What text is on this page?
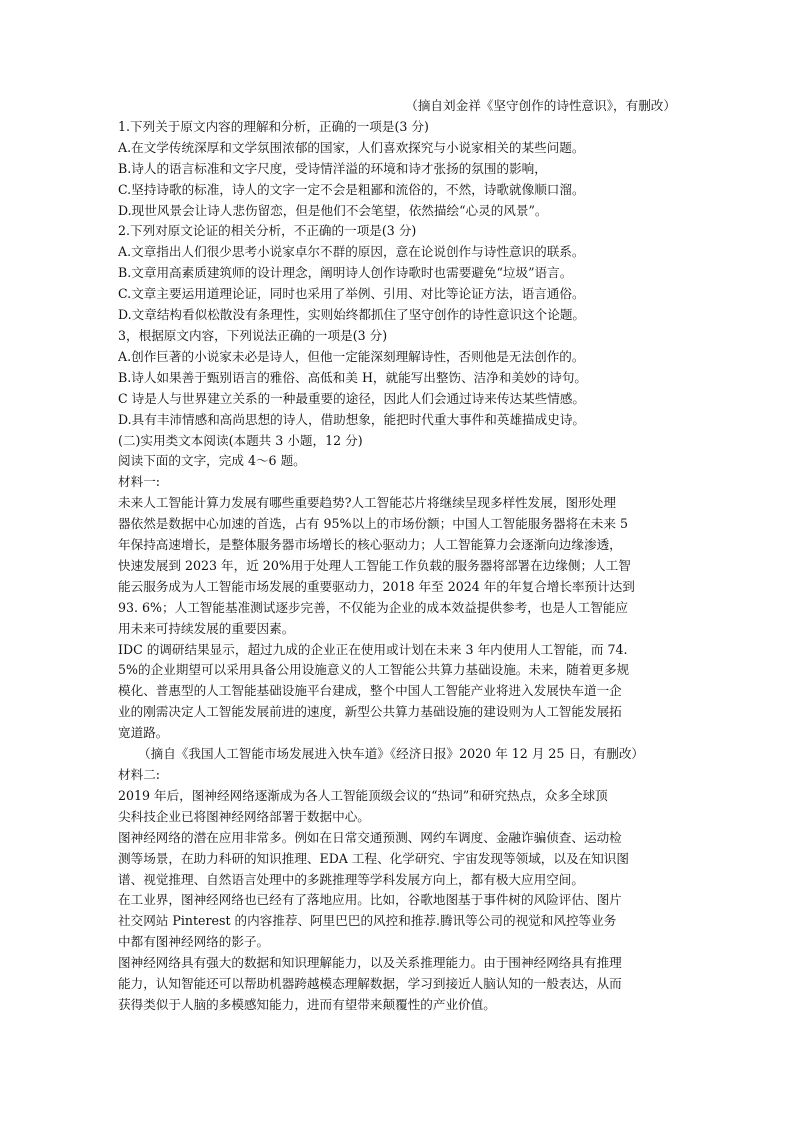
（摘自刘金祥《坚守创作的诗性意识》，有删改）
1.下列关于原文内容的理解和分析，正确的一项是(3 分)
A.在文学传统深厚和文学氛围浓郁的国家，人们喜欢探究与小说家相关的某些问题。
B.诗人的语言标准和文字尺度，受诗情洋溢的环境和诗才张扬的氛围的影响，
C.坚持诗歌的标准，诗人的文字一定不会是粗鄙和流俗的，不然，诗歌就像顺口溜。
D.现世风景会让诗人悲伤留恋，但是他们不会笔望，依然描绘“心灵的风景”。
2.下列对原文论证的相关分析，不正确的一项是(3 分)
A.文章指出人们很少思考小说家卓尔不群的原因，意在论说创作与诗性意识的联系。
B.文章用高素质建筑师的设计理念，阐明诗人创作诗歌时也需要避免“垃圾”语言。
C.文章主要运用道理论证，同时也采用了举例、引用、对比等论证方法，语言通俗。
D.文章结构看似松散没有条理性，实则始终都抓住了坚守创作的诗性意识这个论题。
3，根据原文内容，下列说法正确的一项是(3 分)
A.创作巨著的小说家未必是诗人，但他一定能深刻理解诗性，否则他是无法创作的。
B.诗人如果善于甄别语言的雅俗、高低和美 H，就能写出整饬、洁净和美妙的诗句。
C 诗是人与世界建立关系的一种最重要的途径，因此人们会通过诗来传达某些情感。
D.具有丰沛情感和高尚思想的诗人，借助想象，能把时代重大事件和英雄描成史诗。
(二)实用类文本阅读(本题共 3 小题，12 分)
阅读下面的文字，完成 4～6 题。
材料一:
未来人工智能计算力发展有哪些重要趋势?人工智能芯片将继续呈现多样性发展，图形处理
器依然是数据中心加速的首选，占有 95%以上的市场份额；中国人工智能服务器将在未来 5
年保持高速增长，是整体服务器市场增长的核心驱动力；人工智能算力会逐渐向边缘渗透，
快速发展到 2023 年，近 20%用于处理人工智能工作负载的服务器将部署在边缘侧；人工智
能云服务成为人工智能市场发展的重要驱动力，2018 年至 2024 年的年复合增长率预计达到
93. 6%；人工智能基准测试逐步完善，不仅能为企业的成本效益提供参考，也是人工智能应
用未来可持续发展的重要因素。
IDC 的调研结果显示，超过九成的企业正在使用或计划在未来 3 年内使用人工智能，而 74.
5%的企业期望可以采用具备公用设施意义的人工智能公共算力基础设施。未来，随着更多规
模化、普惠型的人工智能基础设施平台建成，整个中国人工智能产业将进入发展快车道一企
业的刚需决定人工智能发展前进的速度，新型公共算力基础设施的建设则为人工智能发展拓
宽道路。
（摘自《我国人工智能市场发展进入快车道》《经济日报》2020 年 12 月 25 日，有删改）
材料二:
2019 年后，图神经网络逐渐成为各人工智能顶级会议的“热词”和研究热点，众多全球顶
尖科技企业已将图神经网络部署于数据中心。
图神经网络的潜在应用非常多。例如在日常交通预测、网约车调度、金融诈骗侦查、运动检
测等场景，在助力科研的知识推理、EDA 工程、化学研究、宇宙发现等领域，以及在知识图
谱、视觉推理、自然语言处理中的多跳推理等学科发展方向上，都有极大应用空间。
在工业界，图神经网络也已经有了落地应用。比如，谷歌地图基于事件树的风险评估、图片
社交网站 Pinterest 的内容推荐、阿里巴巴的风控和推荐.腾讯等公司的视觉和风控等业务
中都有图神经网络的影子。
图神经网络具有强大的数据和知识理解能力，以及关系推理能力。由于围神经网络具有推理
能力，认知智能还可以帮助机器跨越模态理解数据，学习到接近人脑认知的一般表达，从而
获得类似于人脑的多模感知能力，进而有望带来颠覆性的产业价值。
